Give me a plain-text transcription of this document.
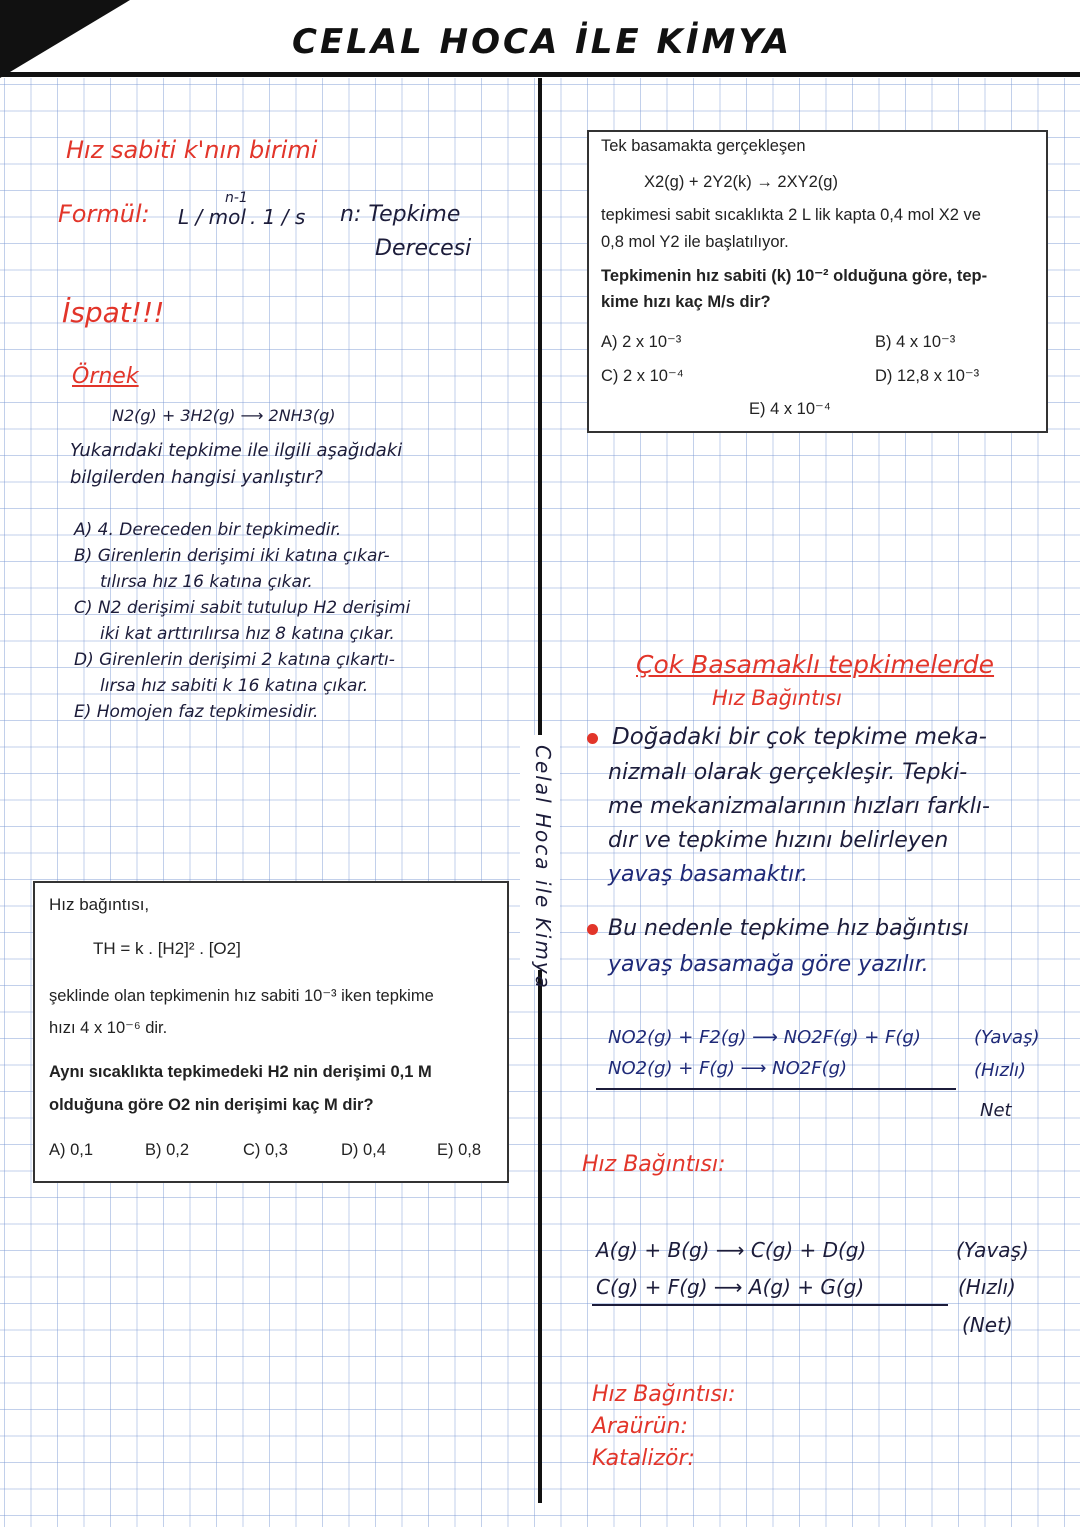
CELAL HOCA İLE KİMYA
Celal Hoca ile Kimya
Hız sabiti k'nın birimi
Formül: L / mol
n-1
. 1 / s n: Tepkime
Derecesi
İspat!!!
Örnek
N2(g) + 3H2(g) ⟶ 2NH3(g)
Yukarıdaki tepkime ile ilgili aşağıdaki
bilgilerden hangisi yanlıştır?
A) 4. Dereceden bir tepkimedir.
B) Girenlerin derişimi iki katına çıkar-
tılırsa hız 16 katına çıkar.
C) N2 derişimi sabit tutulup H2 derişimi
iki kat arttırılırsa hız 8 katına çıkar.
D) Girenlerin derişimi 2 katına çıkartı-
lırsa hız sabiti k 16 katına çıkar.
E) Homojen faz tepkimesidir.

Hız bağıntısı,

TH = k . [H2]² . [O2]

şeklinde olan tepkimenin hız sabiti 10⁻³ iken tepkime

hızı 4 x 10⁻⁶ dir.

Aynı sıcaklıkta tepkimedeki H2 nin derişimi 0,1 M

olduğuna göre O2 nin derişimi kaç M dir?

A) 0,1	B) 0,2	C) 0,3	D) 0,4	E) 0,8

Tek basamakta gerçekleşen

X2(g) + 2Y2(k) → 2XY2(g)

tepkimesi sabit sıcaklıkta 2 L lik kapta 0,4 mol X2 ve

0,8 mol Y2 ile başlatılıyor.

Tepkimenin hız sabiti (k) 10⁻² olduğuna göre, tep-

kime hızı kaç M/s dir?

A) 2 x 10⁻³	B) 4 x 10⁻³

C) 2 x 10⁻⁴	D) 12,8 x 10⁻³

E) 4 x 10⁻⁴

Çok Basamaklı tepkimelerde
Hız Bağıntısı
Doğadaki bir çok tepkime meka-
nizmalı olarak gerçekleşir. Tepki-
me mekanizmalarının hızları farklı-
dır ve tepkime hızını belirleyen
yavaş basamaktır.
Bu nedenle tepkime hız bağıntısı
yavaş basamağa göre yazılır.
NO2(g) + F2(g) ⟶ NO2F(g) + F(g)	(Yavaş)
NO2(g) + F(g) ⟶ NO2F(g)	(Hızlı)
Net
Hız Bağıntısı:
A(g) + B(g) ⟶ C(g) + D(g)	(Yavaş)
C(g) + F(g) ⟶ A(g) + G(g)	(Hızlı)
(Net)
Hız Bağıntısı:
Araürün:
Katalizör:
